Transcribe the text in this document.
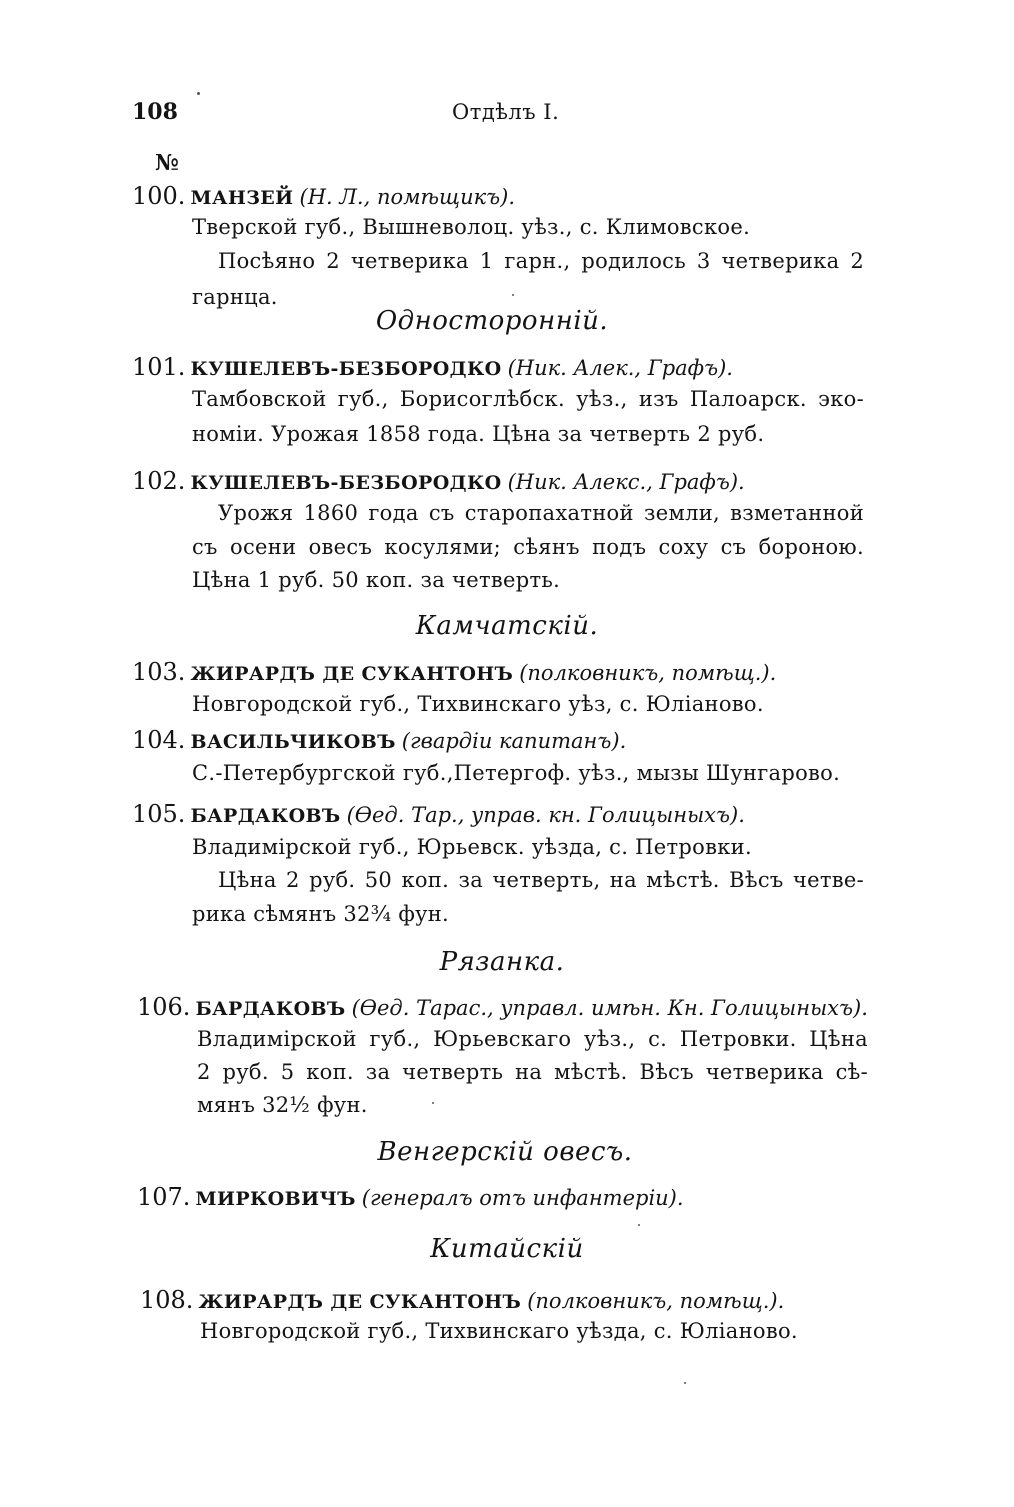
108	Отдѣлъ I.
№
100. МАНЗЕЙ (Н. Л., помѣщикъ).
Тверской губ., Вышневолоц. уѣз., с. Климовское.
Посѣяно 2 четверика 1 гарн., родилось 3 четверика 2
гарнца.
Односторонній.
101. КУШЕЛЕВЪ-БЕЗБОРОДКО (Ник. Алек., Графъ).
Тамбовской губ., Борисоглѣбск. уѣз., изъ Палоарск. эко-
номіи. Урожая 1858 года. Цѣна за четверть 2 руб.
102. КУШЕЛЕВЪ-БЕЗБОРОДКО (Ник. Алекс., Графъ).
Урожя 1860 года съ старопахатной земли, взметанной
съ осени овесъ косулями; сѣянъ подъ соху съ бороною.
Цѣна 1 руб. 50 коп. за четверть.
Камчатскій.
103. ЖИРАРДЪ ДЕ СУКАНТОНЪ (полковникъ, помѣщ.).
Новгородской губ., Тихвинскаго уѣз, с. Юліаново.
104. ВАСИЛЬЧИКОВЪ (гвардіи капитанъ).
С.-Петербургской губ.,Петергоф. уѣз., мызы Шунгарово.
105. БАРДАКОВЪ (Ѳед. Тар., управ. кн. Голицыныхъ).
Владимірской губ., Юрьевск. уѣзда, с. Петровки.
Цѣна 2 руб. 50 коп. за четверть, на мѣстѣ. Вѣсъ четве-
рика сѣмянъ 32¾ фун.
Рязанка.
106. БАРДАКОВЪ (Ѳед. Тарас., управл. имѣн. Кн. Голицыныхъ).
Владимірской губ., Юрьевскаго уѣз., с. Петровки. Цѣна
2 руб. 5 коп. за четверть на мѣстѣ. Вѣсъ четверика сѣ-
мянъ 32½ фун.
Венгерскій овесъ.
107. МИРКОВИЧЪ (генералъ отъ инфантеріи).
Китайскій
108. ЖИРАРДЪ ДЕ СУКАНТОНЪ (полковникъ, помѣщ.).
Новгородской губ., Тихвинскаго уѣзда, с. Юліаново.
